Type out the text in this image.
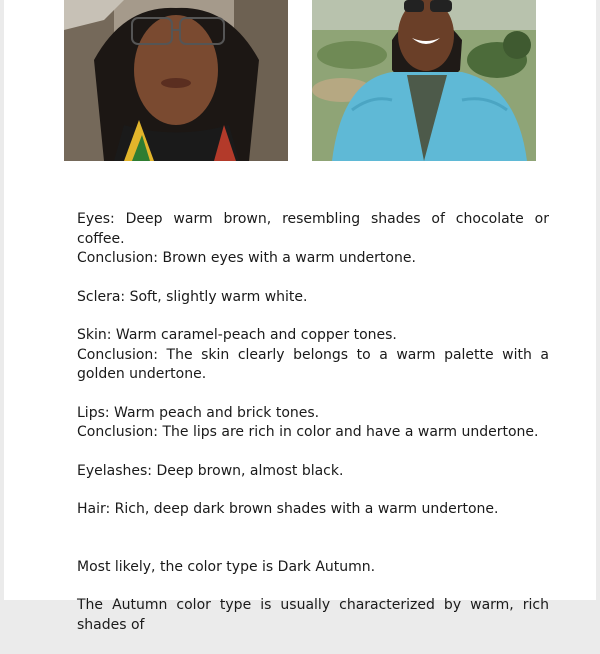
Eyes: Deep warm brown, resembling shades of chocolate or coffee.
Conclusion: Brown eyes with a warm undertone.

Sclera: Soft, slightly warm white.

Skin: Warm caramel-peach and copper tones.
Conclusion: The skin clearly belongs to a warm palette with a golden undertone.

Lips: Warm peach and brick tones.
Conclusion: The lips are rich in color and have a warm undertone.

Eyelashes: Deep brown, almost black.

Hair: Rich, deep dark brown shades with a warm undertone.

Most likely, the color type is Dark Autumn.

The Autumn color type is usually characterized by warm, rich shades of
